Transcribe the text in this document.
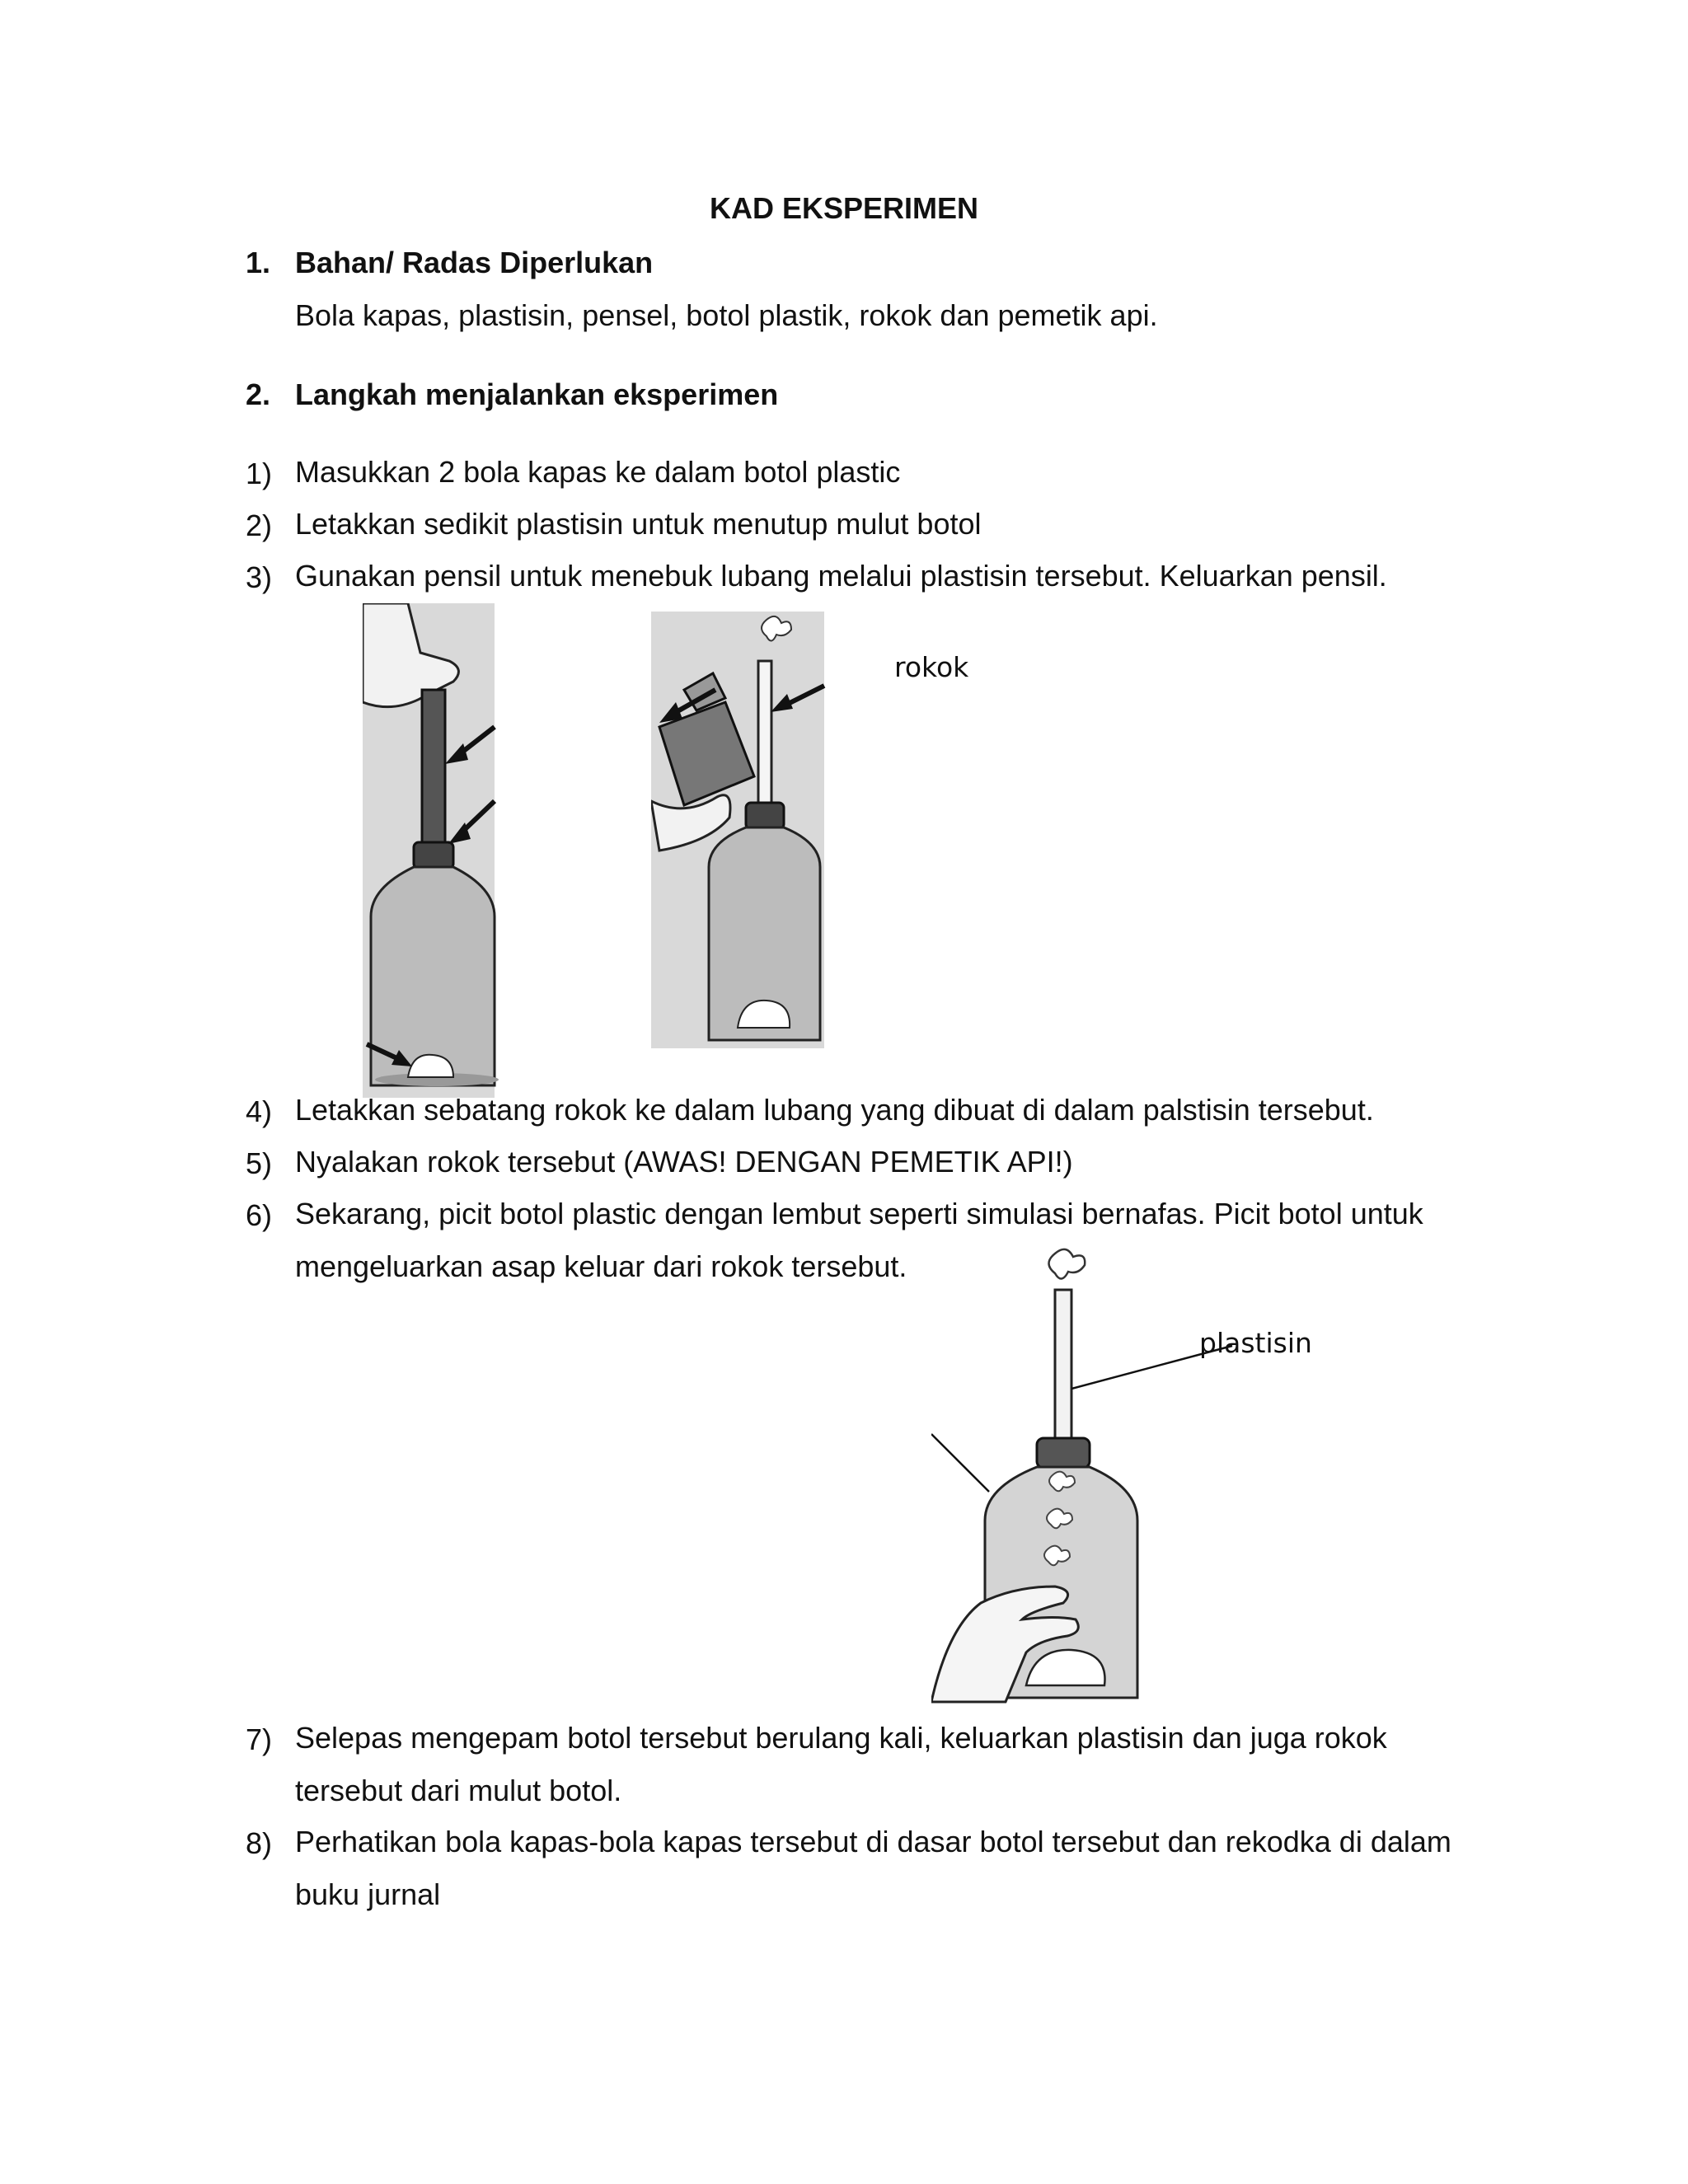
KAD EKSPERIMEN
1. Bahan/ Radas Diperlukan
Bola kapas, plastisin, pensel, botol plastik, rokok dan pemetik api.
2. Langkah menjalankan eksperimen
1) Masukkan 2 bola kapas ke dalam botol plastic
2) Letakkan sedikit plastisin untuk menutup mulut botol
3) Gunakan pensil untuk menebuk lubang melalui plastisin tersebut. Keluarkan pensil.
rokok
4) Letakkan sebatang rokok ke dalam lubang yang dibuat di dalam palstisin tersebut.
5) Nyalakan rokok tersebut (AWAS! DENGAN PEMETIK API!)
6) Sekarang, picit botol plastic dengan lembut seperti simulasi bernafas. Picit botol untuk mengeluarkan asap keluar dari rokok tersebut.
plastisin
7) Selepas mengepam botol tersebut berulang kali, keluarkan plastisin dan juga rokok tersebut dari mulut botol.
8) Perhatikan bola kapas-bola kapas tersebut di dasar botol tersebut dan rekodka di dalam buku jurnal
